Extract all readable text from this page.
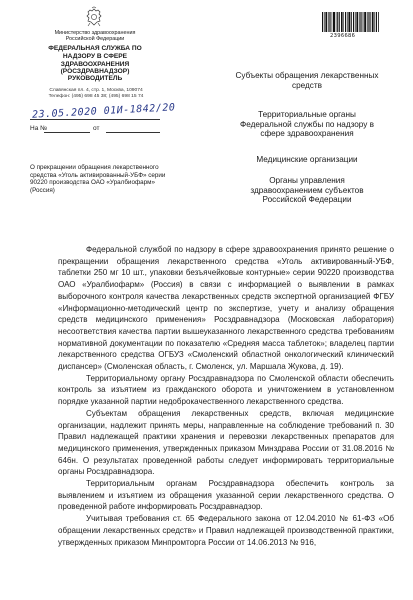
Министерство здравоохранения Российской Федерации
ФЕДЕРАЛЬНАЯ СЛУЖБА ПО НАДЗОРУ В СФЕРЕ ЗДРАВООХРАНЕНИЯ (РОСЗДРАВНАДЗОР)
РУКОВОДИТЕЛЬ
Славянская пл. 4, стр. 1, Москва, 109074
Телефон: (495) 698 45 38; (495) 698 15 74
23.05.2020 01И-1842/20
На №	от
О прекращении обращения лекарственного средства «Уголь активированный-УБФ» серии 90220 производства ОАО «Уралбиофарм» (Россия)
2396686
Субъекты обращения лекарственных средств
Территориальные органы Федеральной службы по надзору в сфере здравоохранения
Медицинские организации
Органы управления здравоохранением субъектов Российской Федерации

Федеральной службой по надзору в сфере здравоохранения принято решение о прекращении обращения лекарственного средства «Уголь активированный-УБФ, таблетки 250 мг 10 шт., упаковки безъячейковые контурные» серии 90220 производства ОАО «Уралбиофарм» (Россия) в связи с информацией о выявлении в рамках выборочного контроля качества лекарственных средств экспертной организацией ФГБУ «Информационно-методический центр по экспертизе, учету и анализу обращения средств медицинского применения» Росздравнадзора (Московская лаборатория) несоответствия качества партии вышеуказанного лекарственного средства требованиям нормативной документации по показателю «Средняя масса таблеток»; владелец партии лекарственного средства ОГБУЗ «Смоленский областной онкологический клинический диспансер» (Смоленская область, г. Смоленск, ул. Маршала Жукова, д. 19).

Территориальному органу Росздравнадзора по Смоленской области обеспечить контроль за изъятием из гражданского оборота и уничтожением в установленном порядке указанной партии недоброкачественного лекарственного средства.

Субъектам обращения лекарственных средств, включая медицинские организации, надлежит принять меры, направленные на соблюдение требований п. 30 Правил надлежащей практики хранения и перевозки лекарственных препаратов для медицинского применения, утвержденных приказом Минздрава России от 31.08.2016 № 646н. О результатах проведенной работы следует информировать территориальные органы Росздравнадзора.

Территориальным органам Росздравнадзора обеспечить контроль за выявлением и изъятием из обращения указанной серии лекарственного средства. О проведенной работе информировать Росздравнадзор.

Учитывая требования ст. 65 Федерального закона от 12.04.2010 № 61-ФЗ «Об обращении лекарственных средств» и Правил надлежащей производственной практики, утвержденных приказом Минпромторга России от 14.06.2013 № 916,
